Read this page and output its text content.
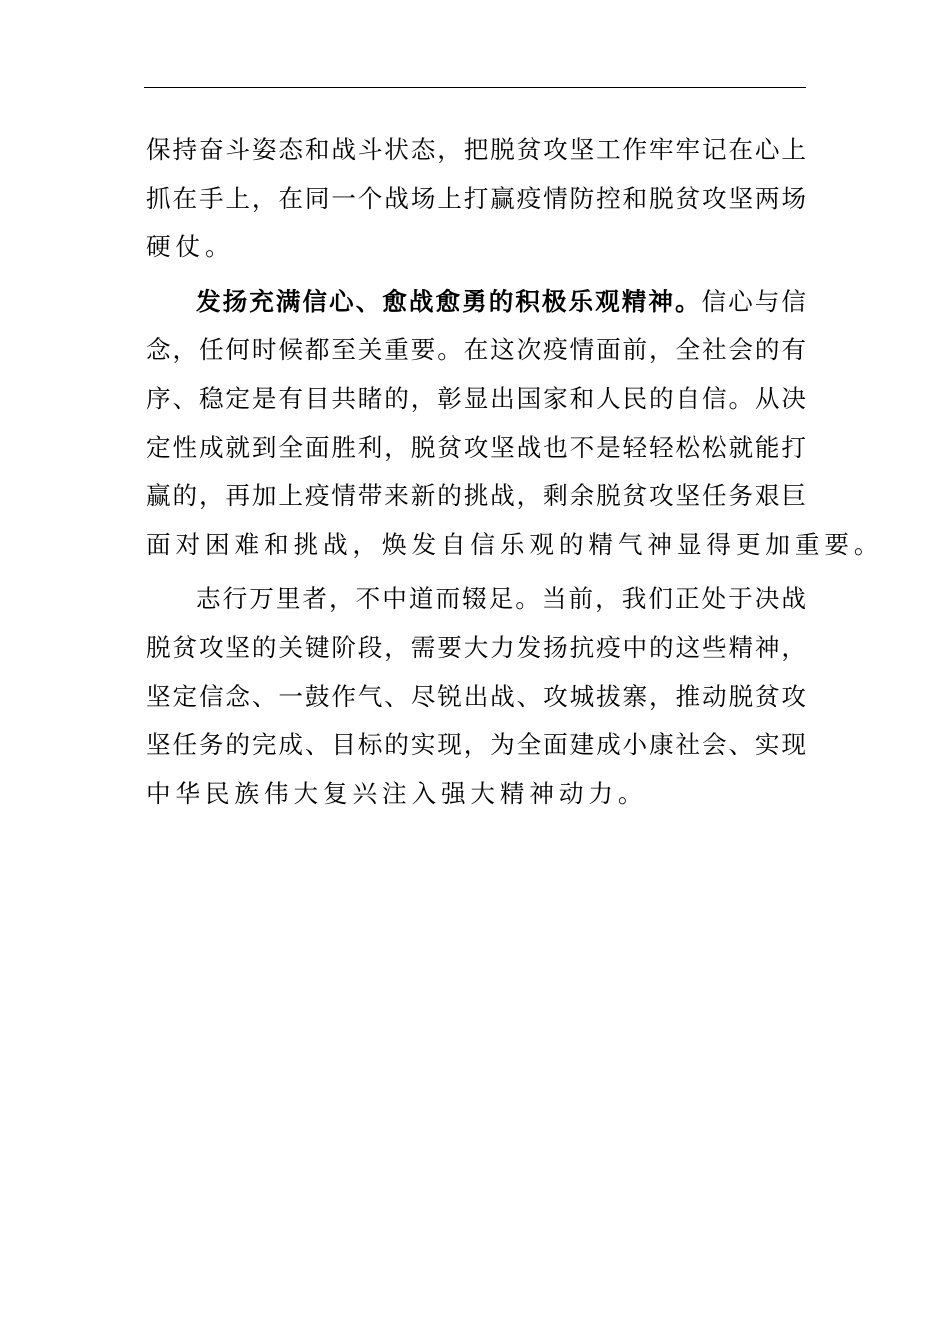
保持奋斗姿态和战斗状态，把脱贫攻坚工作牢牢记在心上
抓在手上，在同一个战场上打赢疫情防控和脱贫攻坚两场
硬仗。
发扬充满信心、愈战愈勇的积极乐观精神。信心与信
念，任何时候都至关重要。在这次疫情面前，全社会的有
序、稳定是有目共睹的，彰显出国家和人民的自信。从决
定性成就到全面胜利，脱贫攻坚战也不是轻轻松松就能打
赢的，再加上疫情带来新的挑战，剩余脱贫攻坚任务艰巨
面对困难和挑战，焕发自信乐观的精气神显得更加重要。
志行万里者，不中道而辍足。当前，我们正处于决战
脱贫攻坚的关键阶段，需要大力发扬抗疫中的这些精神，
坚定信念、一鼓作气、尽锐出战、攻城拔寨，推动脱贫攻
坚任务的完成、目标的实现，为全面建成小康社会、实现
中华民族伟大复兴注入强大精神动力。
